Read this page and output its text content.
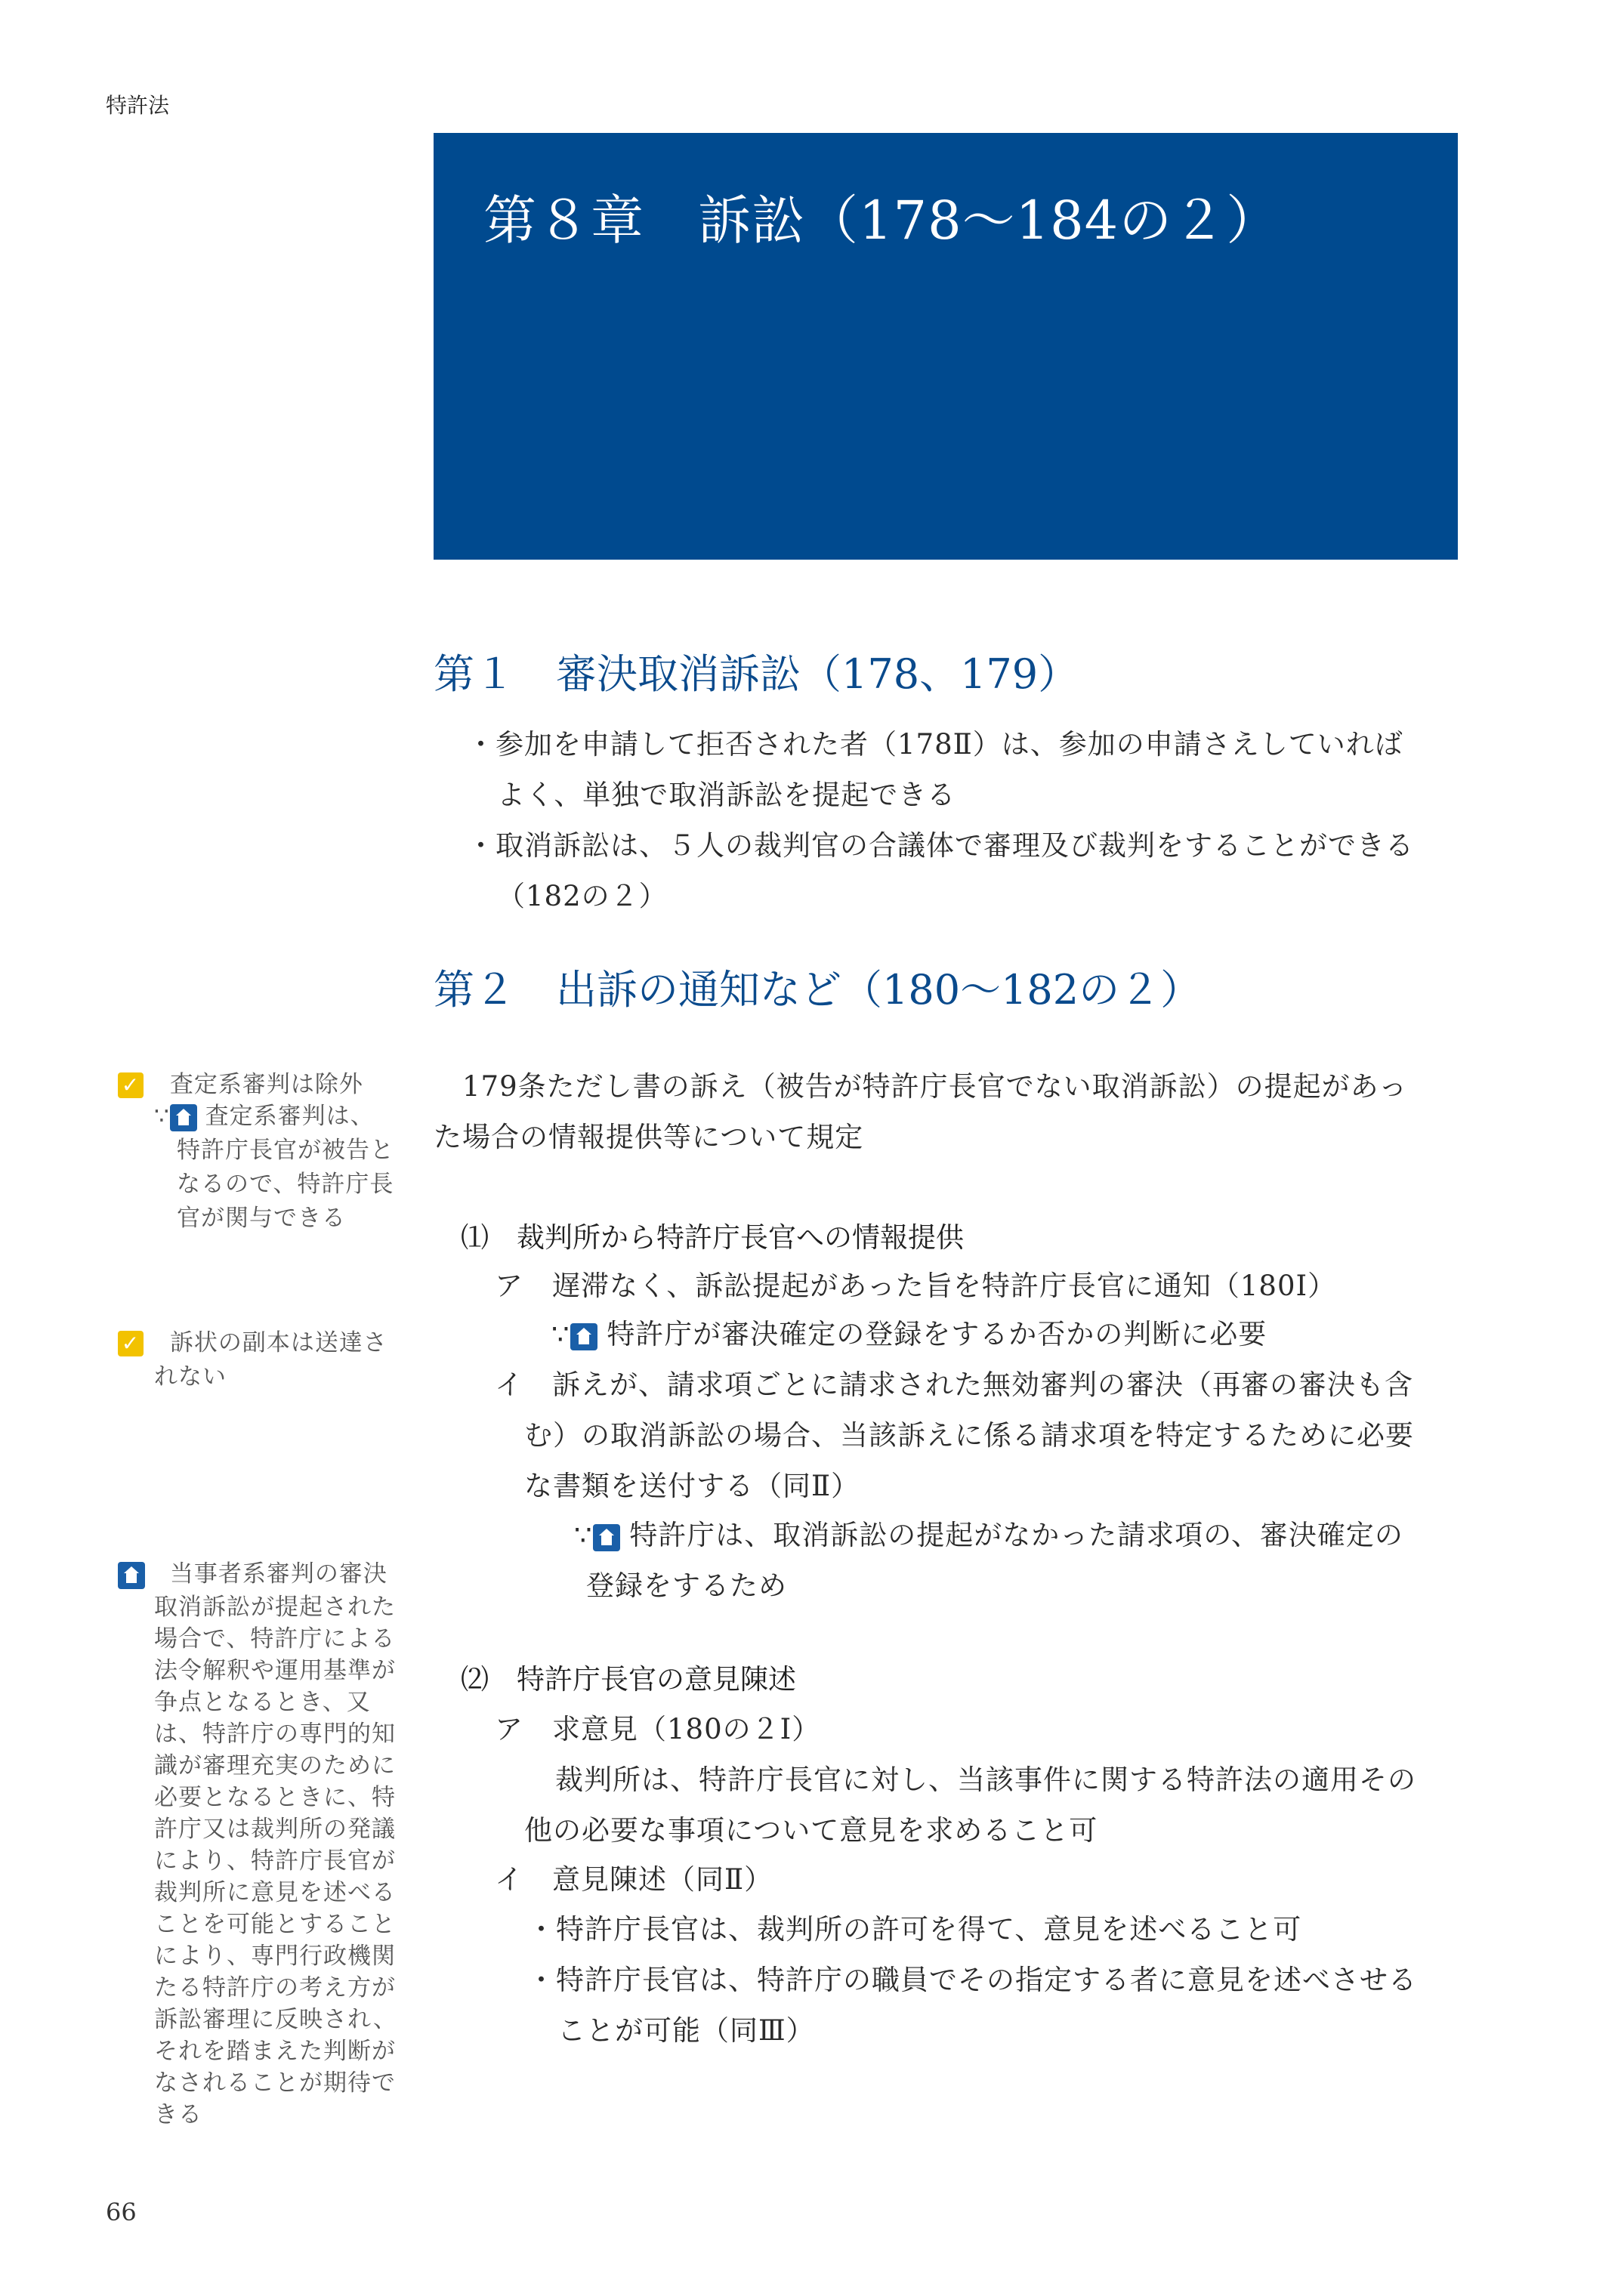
特許法
第８章　訴訟（178〜184の２）
第１　審決取消訴訟（178、179）
・参加を申請して拒否された者（178Ⅱ）は、参加の申請さえしていれば
よく、単独で取消訴訟を提起できる
・取消訴訟は、５人の裁判官の合議体で審理及び裁判をすることができる
（182の２）
第２　出訴の通知など（180〜182の２）
179条ただし書の訴え（被告が特許庁長官でない取消訴訟）の提起があっ
た場合の情報提供等について規定
⑴　裁判所から特許庁長官への情報提供
ア　遅滞なく、訴訟提起があった旨を特許庁長官に通知（180Ⅰ）
∵ 特許庁が審決確定の登録をするか否かの判断に必要
イ　訴えが、請求項ごとに請求された無効審判の審決（再審の審決も含
む）の取消訴訟の場合、当該訴えに係る請求項を特定するために必要
な書類を送付する（同Ⅱ）
∵ 特許庁は、取消訴訟の提起がなかった請求項の、審決確定の
登録をするため
⑵　特許庁長官の意見陳述
ア　求意見（180の２Ⅰ）
裁判所は、特許庁長官に対し、当該事件に関する特許法の適用その
他の必要な事項について意見を求めること可
イ　意見陳述（同Ⅱ）
・特許庁長官は、裁判所の許可を得て、意見を述べること可
・特許庁長官は、特許庁の職員でその指定する者に意見を述べさせる
ことが可能（同Ⅲ）
✓ 査定系審判は除外
∵ 査定系審判は、
特許庁長官が被告と
なるので、特許庁長
官が関与できる
✓ 訴状の副本は送達さ
れない
当事者系審判の審決
取消訴訟が提起された
場合で、特許庁による
法令解釈や運用基準が
争点となるとき、又
は、特許庁の専門的知
識が審理充実のために
必要となるときに、特
許庁又は裁判所の発議
により、特許庁長官が
裁判所に意見を述べる
ことを可能とすること
により、専門行政機関
たる特許庁の考え方が
訴訟審理に反映され、
それを踏まえた判断が
なされることが期待で
きる
66
